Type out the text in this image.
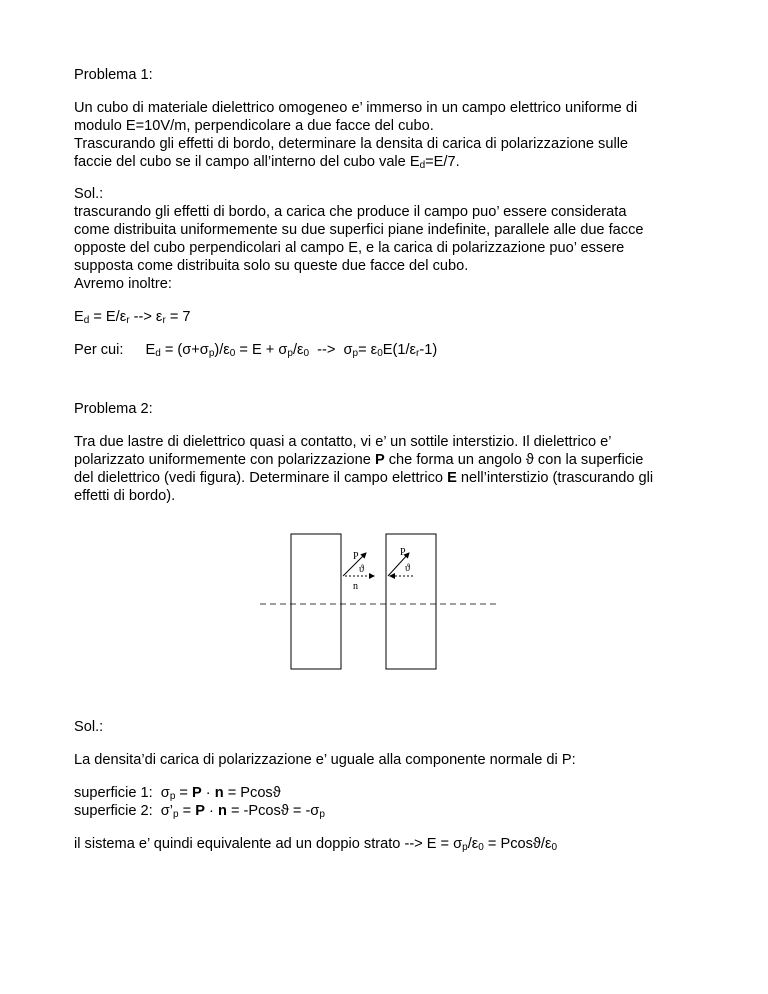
Problema 1:
Un cubo di materiale dielettrico omogeneo e’ immerso in un campo elettrico uniforme di
modulo E=10V/m, perpendicolare a due facce del cubo.
Trascurando gli effetti di bordo, determinare la densita di carica di polarizzazione sulle
faccie del cubo se il campo all’interno del cubo vale $E_d=E/7$.
Sol.:
trascurando gli effetti di bordo, a carica che produce il campo puo’ essere considerata
come distribuita uniformemente su due superfici piane indefinite, parallele alle due facce
opposte del cubo perpendicolari al campo E, e la carica di polarizzazione puo’ essere
supposta come distribuita solo su queste due facce del cubo.
Avremo inoltre:
$E_d = E/\varepsilon_r$ --> $\varepsilon_r = 7$
Per cui: $E_d = (\sigma+\sigma_p)/\varepsilon_0 = E + \sigma_p/\varepsilon_0$  -->  $\sigma_p= \varepsilon_0E(1/\varepsilon_r-1)$
Problema 2:
Tra due lastre di dielettrico quasi a contatto, vi e’ un sottile interstizio. Il dielettrico e’
polarizzato uniformemente con polarizzazione P che forma un angolo ϑ con la superficie
del dielettrico (vedi figura). Determinare il campo elettrico E nell’interstizio (trascurando gli
effetti di bordo).
P
ϑ
n
P
ϑ
Sol.:
La densita’di carica di polarizzazione e’ uguale alla componente normale di P:
superficie 1:  $\sigma_p = P \cdot n = Pcosϑ$
superficie 2:  $\sigma’_p = P \cdot n = -Pcosϑ = -\sigma_p$
il sistema e’ quindi equivalente ad un doppio strato --> $E = \sigma_p/\varepsilon_0 = Pcosϑ/\varepsilon_0$
